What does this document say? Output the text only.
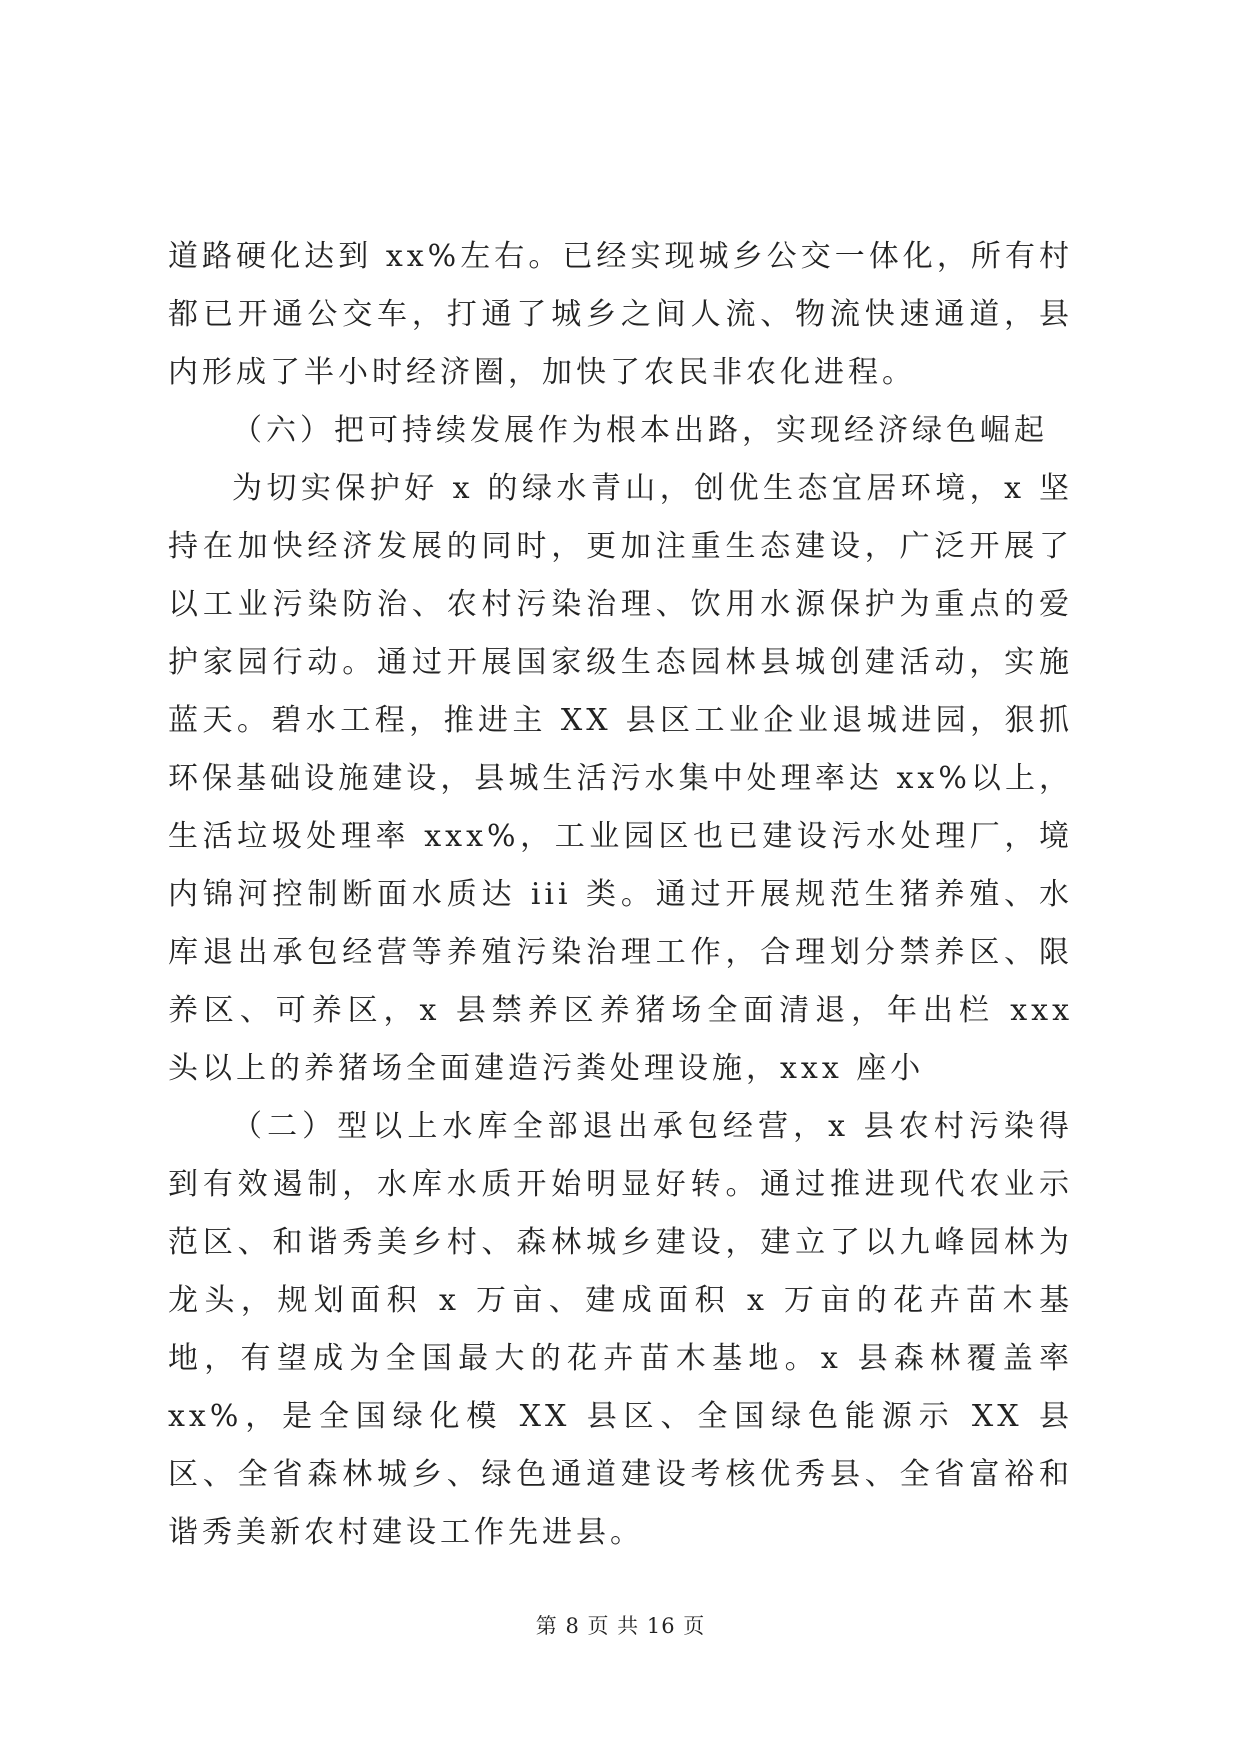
道路硬化达到 xx%左右。已经实现城乡公交一体化，所有村都已开通公交车，打通了城乡之间人流、物流快速通道，县内形成了半小时经济圈，加快了农民非农化进程。

（六）把可持续发展作为根本出路，实现经济绿色崛起

为切实保护好 x 的绿水青山，创优生态宜居环境，x 坚持在加快经济发展的同时，更加注重生态建设，广泛开展了以工业污染防治、农村污染治理、饮用水源保护为重点的爱护家园行动。通过开展国家级生态园林县城创建活动，实施蓝天。碧水工程，推进主 XX 县区工业企业退城进园，狠抓环保基础设施建设，县城生活污水集中处理率达 xx%以上，生活垃圾处理率 xxx%，工业园区也已建设污水处理厂，境内锦河控制断面水质达 iii 类。通过开展规范生猪养殖、水库退出承包经营等养殖污染治理工作，合理划分禁养区、限养区、可养区，x 县禁养区养猪场全面清退，年出栏 xxx 头以上的养猪场全面建造污粪处理设施，xxx 座小

（二）型以上水库全部退出承包经营，x 县农村污染得到有效遏制，水库水质开始明显好转。通过推进现代农业示范区、和谐秀美乡村、森林城乡建设，建立了以九峰园林为龙头，规划面积 x 万亩、建成面积 x 万亩的花卉苗木基地，有望成为全国最大的花卉苗木基地。x 县森林覆盖率 xx%，是全国绿化模 XX 县区、全国绿色能源示 XX 县区、全省森林城乡、绿色通道建设考核优秀县、全省富裕和谐秀美新农村建设工作先进县。

第 8 页 共 16 页
